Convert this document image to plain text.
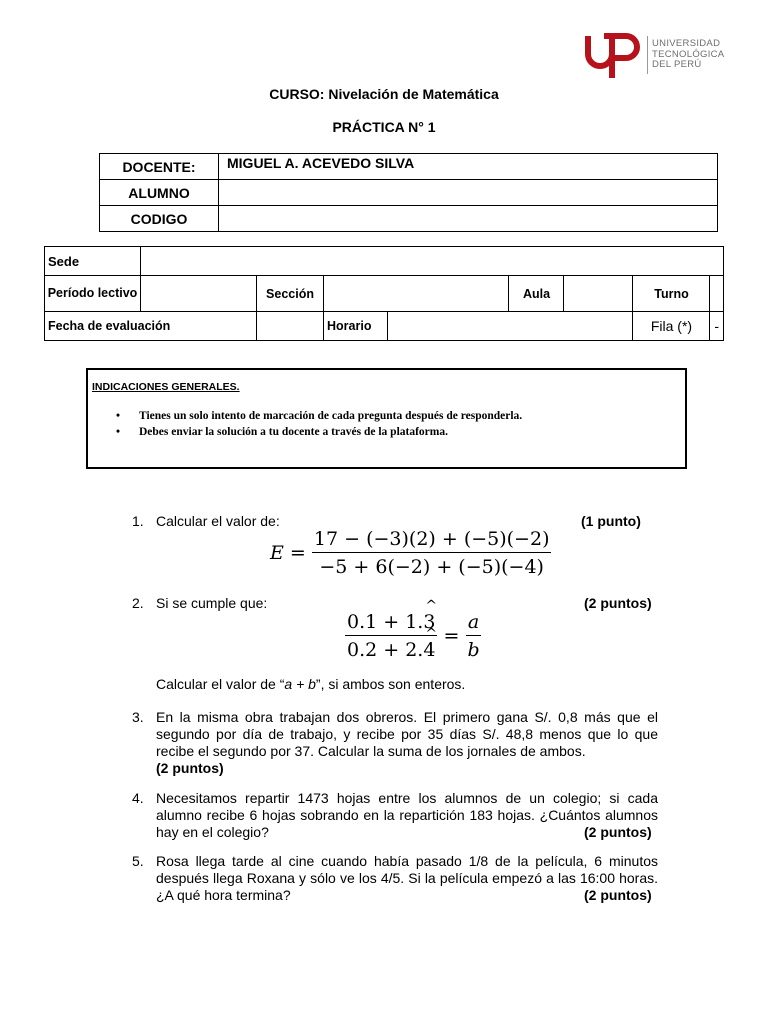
UNIVERSIDAD
TECNOLÓGICA
DEL PERÚ
CURSO: Nivelación de Matemática
PRÁCTICA N° 1
DOCENTE:	MIGUEL A. ACEVEDO SILVA
ALUMNO	
CODIGO	
Sede								
Período lectivo		Sección			Aula		Turno	
Fecha de evaluación			Horario				Fila (*)	-
INDICACIONES GENERALES.
• Tienes un solo intento de marcación de cada pregunta después de responderla.
• Debes enviar la solución a tu docente a través de la plataforma.
1. Calcular el valor de:	(1 punto)
$E = \frac{17 - (-3)(2) + (-5)(-2)}{-5 + 6(-2) + (-5)(-4)}$
2. Si se cumple que:	(2 puntos)
$\frac{0.1 + 1.3 \^{}}{0.2 + 2.4}$ ^ = $\frac{a}{b}$
Calcular el valor de “a + b”, si ambos son enteros.
3. En la misma obra trabajan dos obreros. El primero gana S/. 0,8 más que el segundo por día de trabajo, y recibe por 35 días S/. 48,8 menos que lo que recibe el segundo por 37. Calcular la suma de los jornales de ambos.
(2 puntos)
4. Necesitamos repartir 1473 hojas entre los alumnos de un colegio; si cada alumno recibe 6 hojas sobrando en la repartición 183 hojas. ¿Cuántos alumnos hay en el colegio?	(2 puntos)
5. Rosa llega tarde al cine cuando había pasado 1/8 de la película, 6 minutos después llega Roxana y sólo ve los 4/5. Si la película empezó a las 16:00 horas. ¿A qué hora termina?	(2 puntos)
